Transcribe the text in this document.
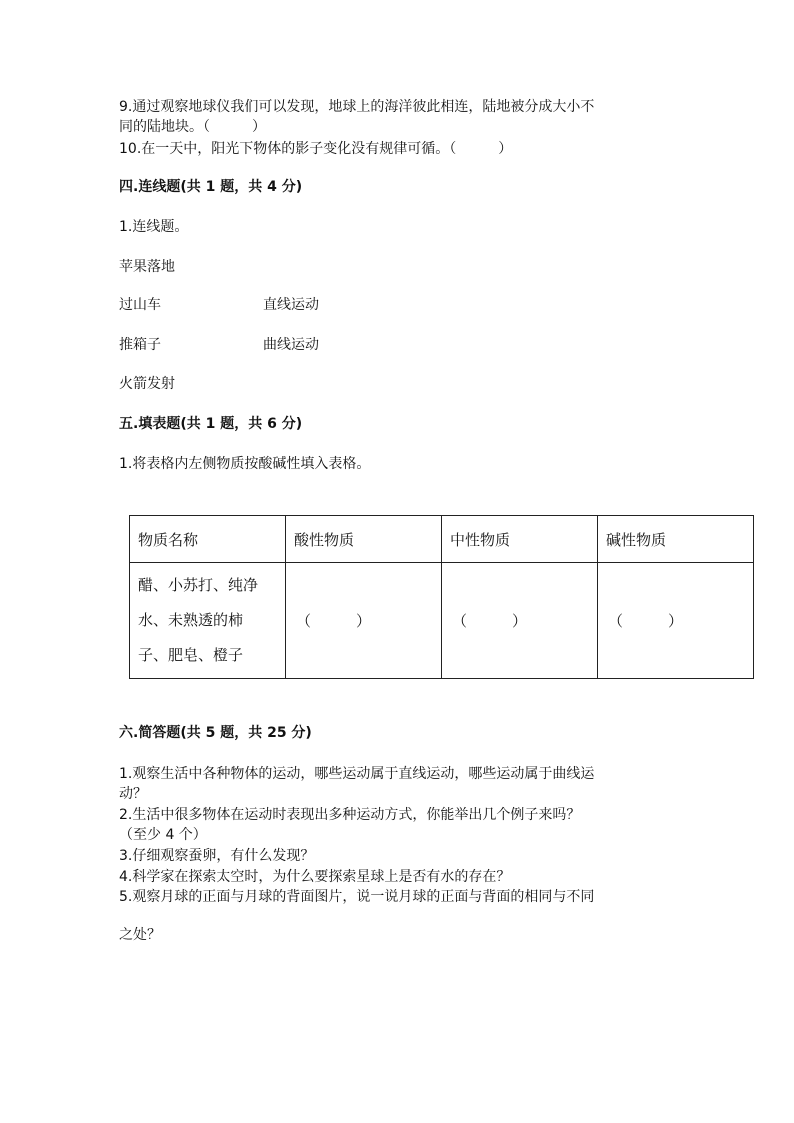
9.通过观察地球仪我们可以发现，地球上的海洋彼此相连，陆地被分成大小不
同的陆地块。（　　　）
10.在一天中，阳光下物体的影子变化没有规律可循。（　　　）
四.连线题(共 1 题，共 4 分)
1.连线题。
苹果落地
过山车	直线运动
推箱子	曲线运动
火箭发射
五.填表题(共 1 题，共 6 分)
1.将表格内左侧物质按酸碱性填入表格。
物质名称	酸性物质	中性物质	碱性物质

醋、小苏打、纯净
水、未熟透的柿
子、肥皂、橙子	（　　　）	（　　　）	（　　　）
六.简答题(共 5 题，共 25 分)
1.观察生活中各种物体的运动，哪些运动属于直线运动，哪些运动属于曲线运
动？
2.生活中很多物体在运动时表现出多种运动方式，你能举出几个例子来吗？
（至少 4 个）
3.仔细观察蚕卵，有什么发现？
4.科学家在探索太空时，为什么要探索星球上是否有水的存在？
5.观察月球的正面与月球的背面图片，说一说月球的正面与背面的相同与不同
之处？
